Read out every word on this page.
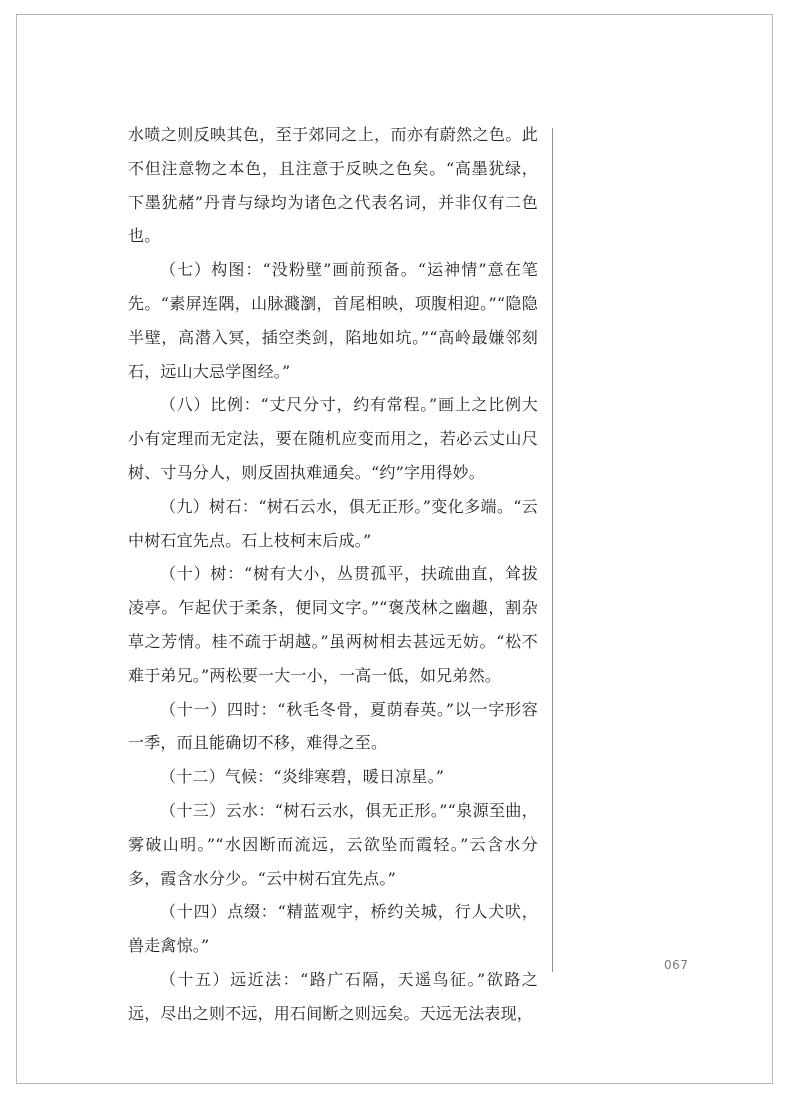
水喷之则反映其色，至于郊同之上，而亦有蔚然之色。此不但注意物之本色，且注意于反映之色矣。“高墨犹绿，下墨犹赭”丹青与绿均为诸色之代表名词，并非仅有二色也。

（七）构图：“没粉壁”画前预备。“运神情”意在笔先。“素屏连隅，山脉濺瀏，首尾相映，项腹相迎。”“隐隐半壁，高潜入冥，插空类剑，陷地如坑。”“高岭最嫌邻刻石，远山大忌学图经。”

（八）比例：“丈尺分寸，约有常程。”画上之比例大小有定理而无定法，要在随机应变而用之，若必云丈山尺树、寸马分人，则反固执难通矣。“约”字用得妙。

（九）树石：“树石云水，俱无正形。”变化多端。“云中树石宜先点。石上枝柯末后成。”

（十）树：“树有大小，丛贯孤平，扶疏曲直，耸拔凌亭。乍起伏于柔条，便同文字。”“褒茂林之幽趣，割杂草之芳情。桂不疏于胡越。”虽两树相去甚远无妨。“松不难于弟兄。”两松要一大一小，一高一低，如兄弟然。

（十一）四时：“秋毛冬骨，夏荫春英。”以一字形容一季，而且能确切不移，难得之至。

（十二）气候：“炎绯寒碧，暖日凉星。”

（十三）云水：“树石云水，俱无正形。”“泉源至曲，雾破山明。”“水因断而流远，云欲坠而霞轻。”云含水分多，霞含水分少。“云中树石宜先点。”

（十四）点缀：“精蓝观宇，桥约关城，行人犬吠，兽走禽惊。”

（十五）远近法：“路广石隔，天遥鸟征。”欲路之远，尽出之则不远，用石间断之则远矣。天远无法表现，

067
